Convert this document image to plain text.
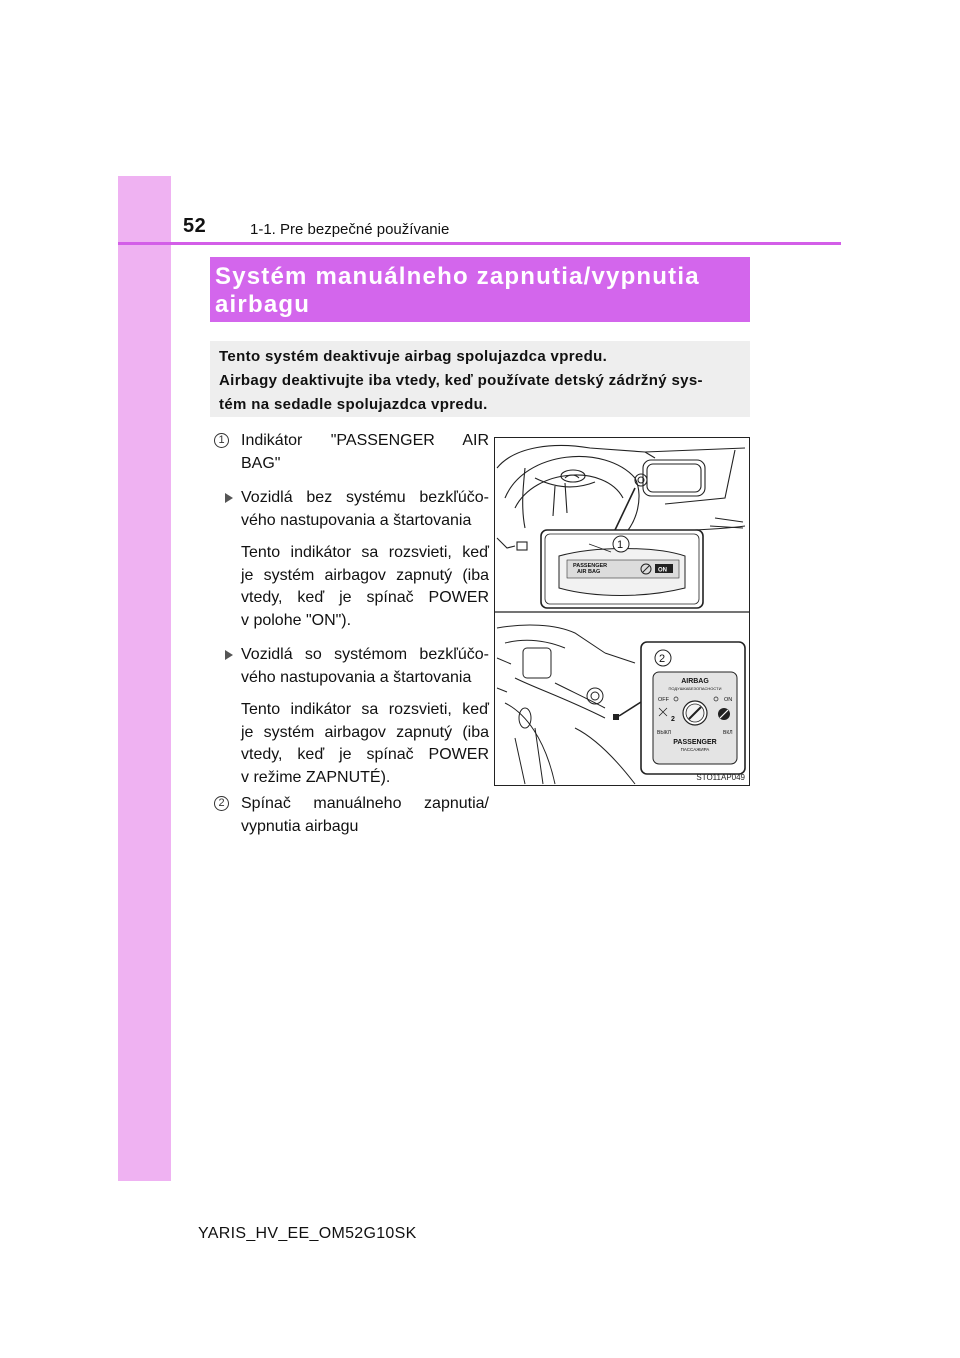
52	1-1. Pre bezpečné používanie
Systém manuálneho zapnutia/vypnutia
airbagu
Tento systém deaktivuje airbag spolujazdca vpredu.
Airbagy deaktivujte iba vtedy, keď používate detský zádržný sys-
tém na sedadle spolujazdca vpredu.
1 Indikátor "PASSENGER AIR
BAG"
Vozidlá bez systému bezkľúčo-
vého nastupovania a štartovania
Tento indikátor sa rozsvieti, keď
je systém airbagov zapnutý (iba
vtedy, keď je spínač POWER
v polohe "ON").
Vozidlá so systémom bezkľúčo-
vého nastupovania a štartovania
Tento indikátor sa rozsvieti, keď
je systém airbagov zapnutý (iba
vtedy, keď je spínač POWER
v režime ZAPNUTÉ).
2 Spínač manuálneho zapnutia/
vypnutia airbagu
PASSENGER
AIR BAG	ON
1
2
AIRBAG
ПОДУШКАБЕЗОПАСНОСТИ
OFF	ON
2
ВЫКЛ	ВКЛ
PASSENGER
ПАССАЖИРА
STO11AP049
YARIS_HV_EE_OM52G10SK
